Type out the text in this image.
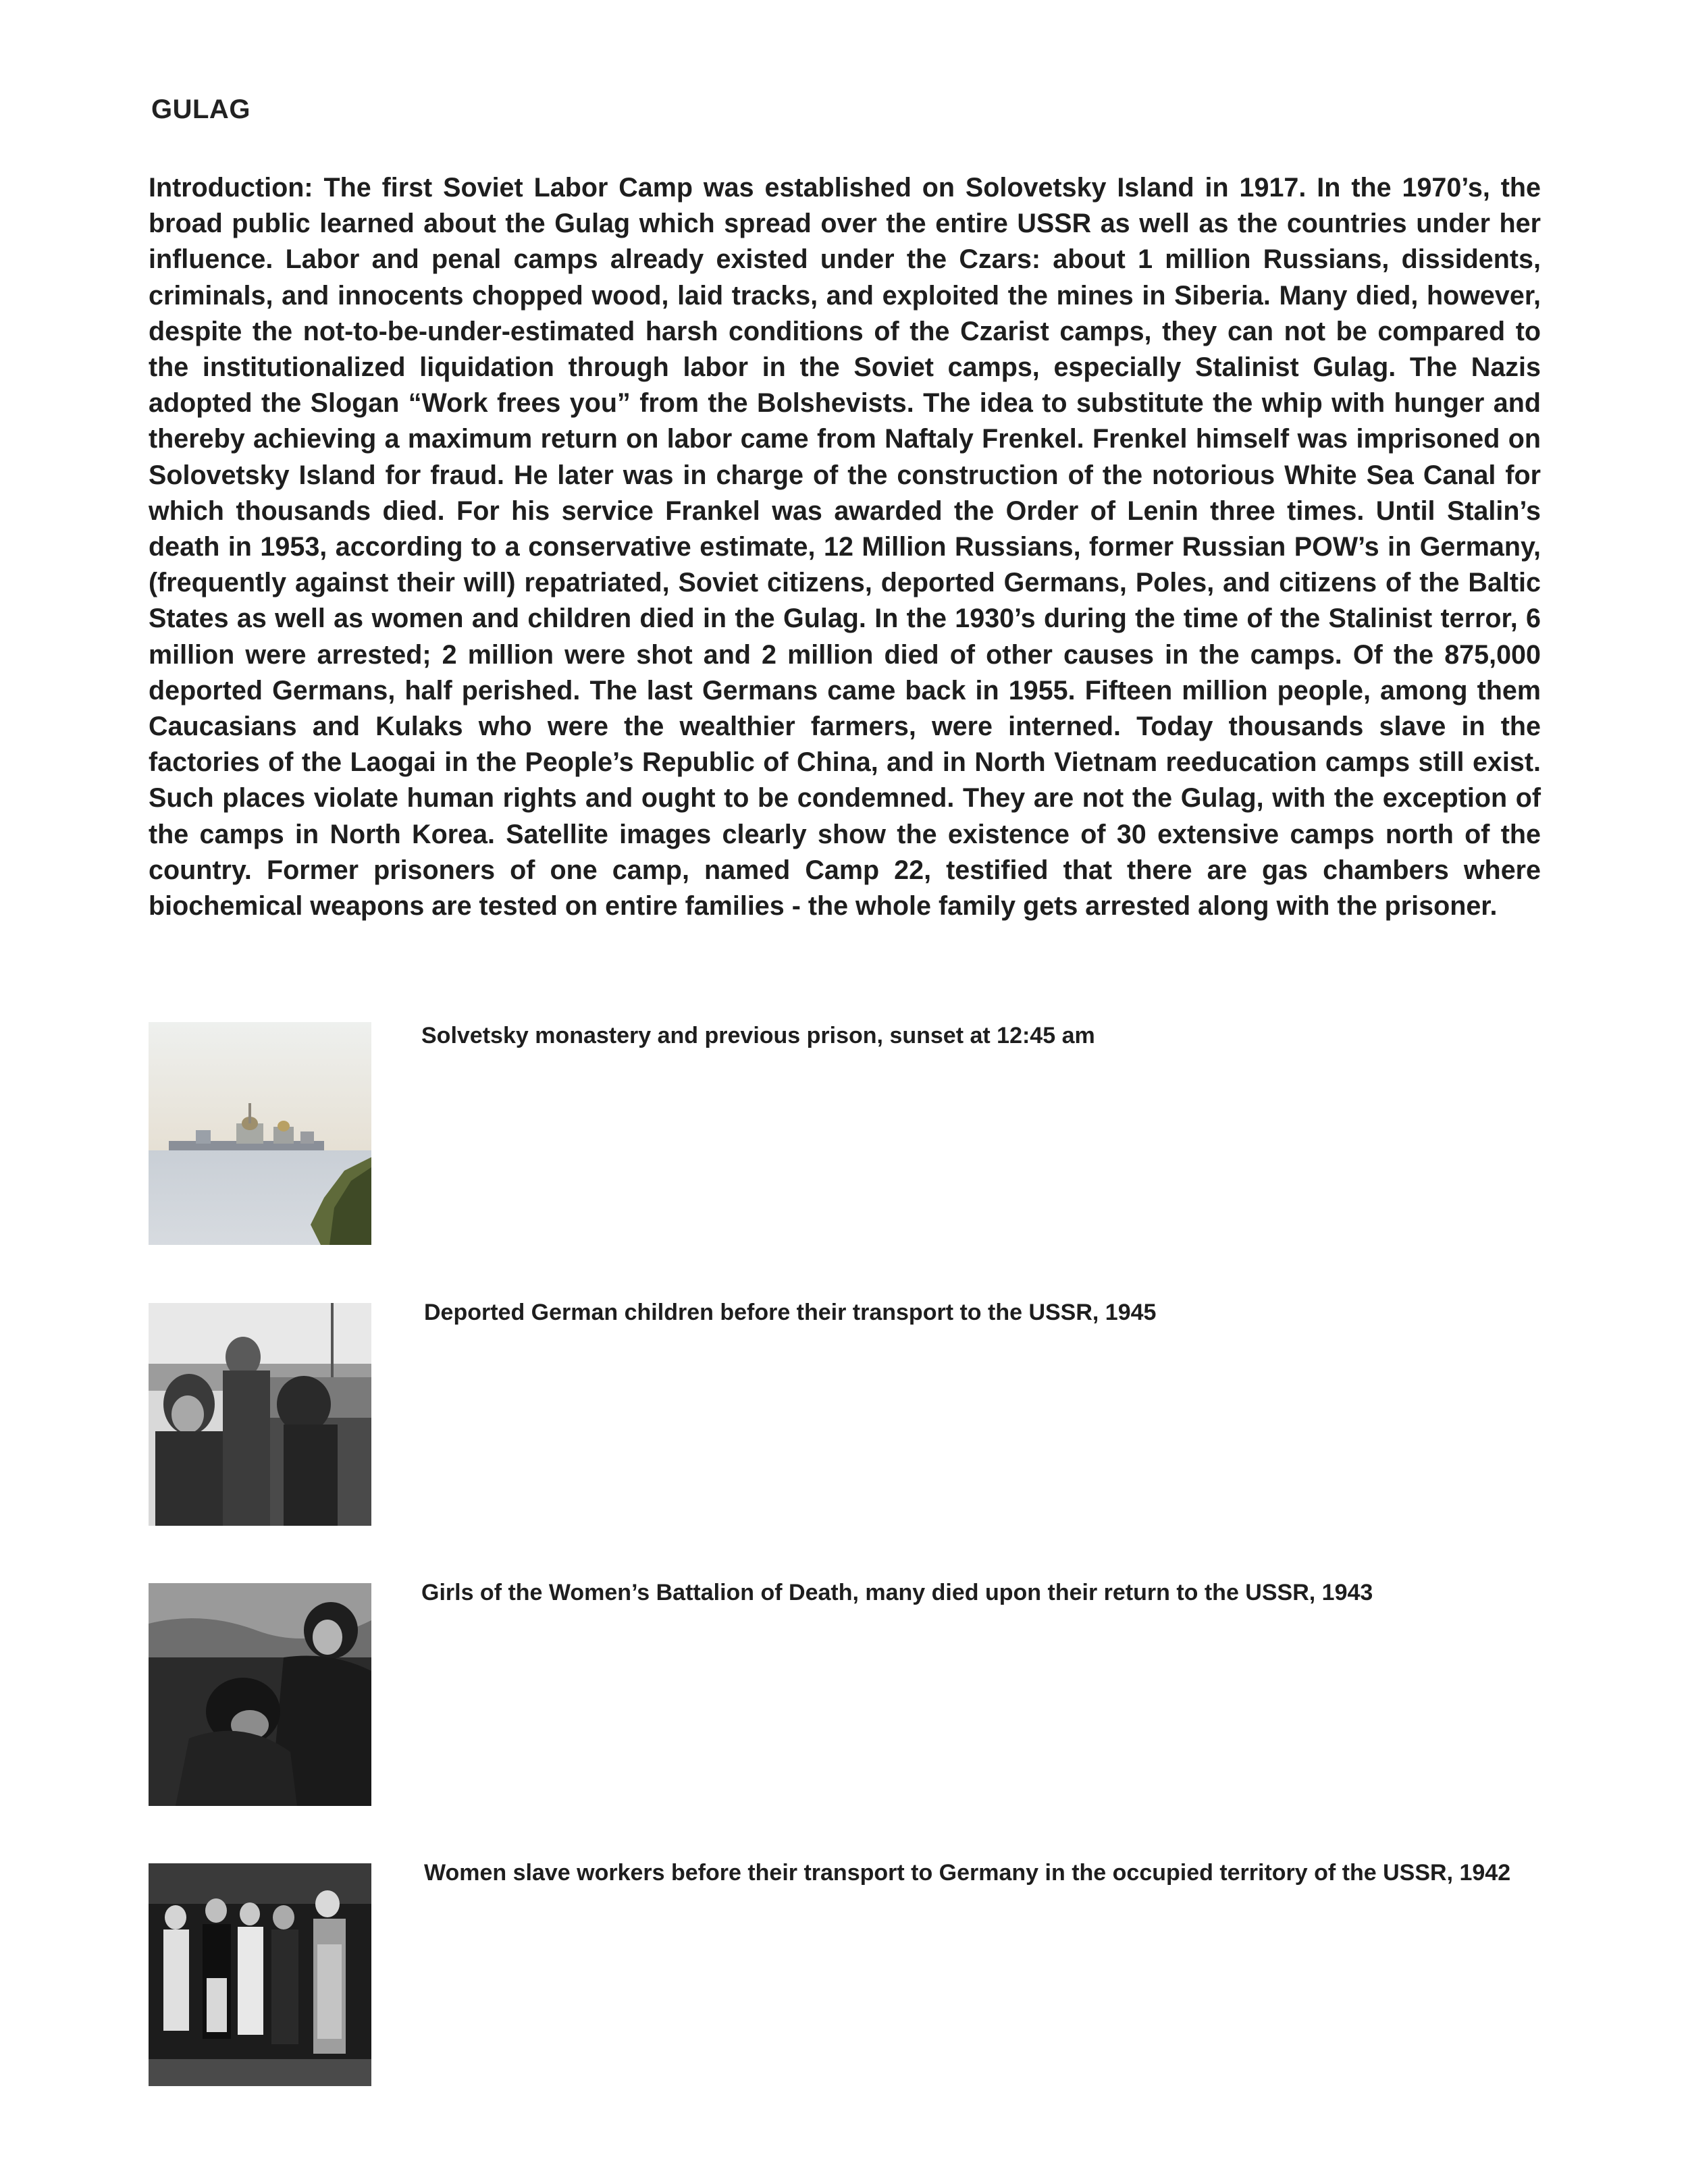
GULAG

Introduction: The first Soviet Labor Camp was established on Solovetsky Island in 1917. In the 1970’s, the broad public learned about the Gulag which spread over the entire USSR as well as the countries under her influence. Labor and penal camps already existed under the Czars: about 1 million Russians, dissidents, criminals, and innocents chopped wood, laid tracks, and exploited the mines in Siberia. Many died, however, despite the not-to-be-under-estimated harsh conditions of the Czarist camps, they can not be compared to the institutionalized liquidation through labor in the Soviet camps, especially Stalinist Gulag. The Nazis adopted the Slogan “Work frees you” from the Bolshevists. The idea to substitute the whip with hunger and thereby achieving a maximum return on labor came from Naftaly Frenkel. Frenkel himself was imprisoned on Solovetsky Island for fraud. He later was in charge of the construction of the notorious White Sea Canal for which thousands died. For his service Frankel was awarded the Order of Lenin three times. Until Stalin’s death in 1953, according to a conservative estimate, 12 Million Russians, former Russian POW’s in Germany, (frequently against their will) repatriated, Soviet citizens, deported Germans, Poles, and citizens of the Baltic States as well as women and children died in the Gulag. In the 1930’s during the time of the Stalinist terror, 6 million were arrested; 2 million were shot and 2 million died of other causes in the camps. Of the 875,000 deported Germans, half perished. The last Germans came back in 1955. Fifteen million people, among them Caucasians and Kulaks who were the wealthier farmers, were interned. Today thousands slave in the factories of the Laogai in the People’s Republic of China, and in North Vietnam reeducation camps still exist. Such places violate human rights and ought to be condemned. They are not the Gulag, with the exception of the camps in North Korea. Satellite images clearly show the existence of 30 extensive camps north of the country. Former prisoners of one camp, named Camp 22, testified that there are gas chambers where biochemical weapons are tested on entire families - the whole family gets arrested along with the prisoner.

Solvetsky monastery and previous prison, sunset at 12:45 am

Deported German children before their transport to the USSR, 1945

Girls of the Women’s Battalion of Death, many died upon their return to the USSR, 1943

Women slave workers before their transport to Germany in the occupied territory of the USSR, 1942
